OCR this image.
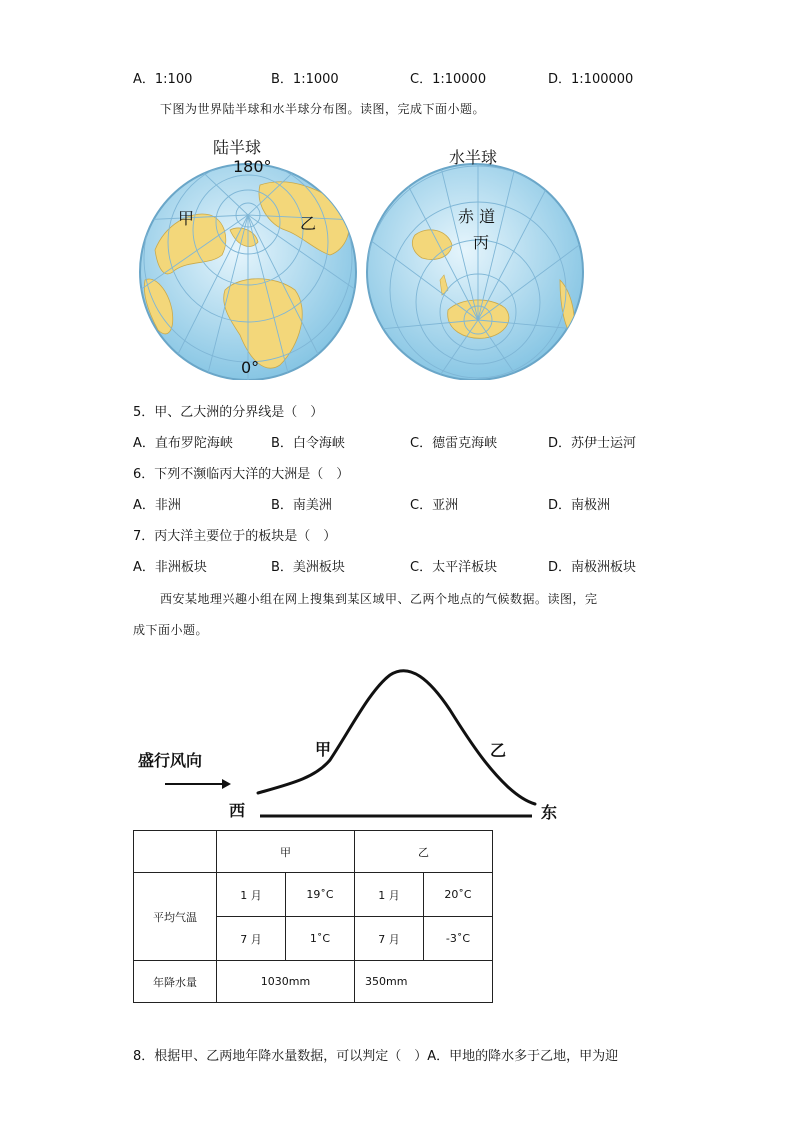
A．1:100	B．1:1000	C．1:10000	D．1:100000
下图为世界陆半球和水半球分布图。读图，完成下面小题。
陆半球
180°
0°
甲	乙
水半球
赤 道
丙
5．甲、乙大洲的分界线是（　）
A．直布罗陀海峡	B．白令海峡	C．德雷克海峡	D．苏伊士运河
6．下列不濒临丙大洋的大洲是（　）
A．非洲	B．南美洲	C．亚洲	D．南极洲
7．丙大洋主要位于的板块是（　）
A．非洲板块	B．美洲板块	C．太平洋板块	D．南极洲板块
西安某地理兴趣小组在网上搜集到某区域甲、乙两个地点的气候数据。读图，完
成下面小题。
盛行风向
西	东
甲	乙
	甲		乙	
平均气温	1 月	19˚C	1 月	20˚C
	7 月	1˚C	7 月	-3˚C
年降水量	1030mm		350mm	
8．根据甲、乙两地年降水量数据，可以判定（　）A．甲地的降水多于乙地，甲为迎
